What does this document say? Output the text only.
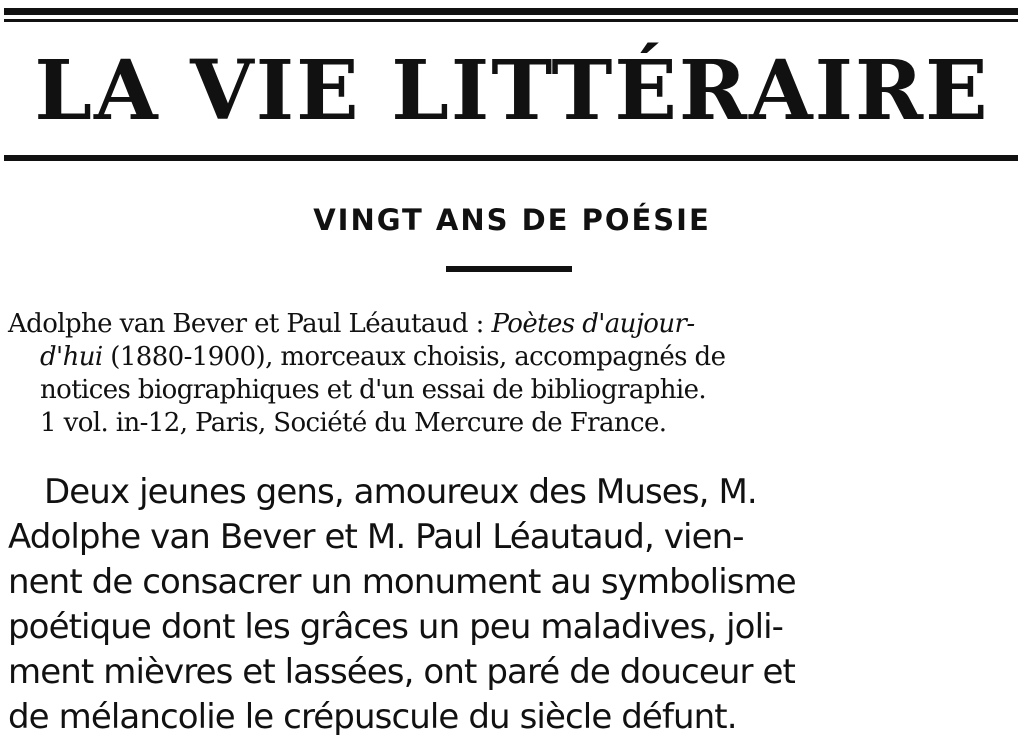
LA VIE LITTÉRAIRE
VINGT ANS DE POÉSIE
Adolphe van Bever et Paul Léautaud : Poètes d'aujour-
d'hui (1880-1900), morceaux choisis, accompagnés de
notices biographiques et d'un essai de bibliographie.
1 vol. in-12, Paris, Société du Mercure de France.
Deux jeunes gens, amoureux des Muses, M.
Adolphe van Bever et M. Paul Léautaud, vien-
nent de consacrer un monument au symbolisme
poétique dont les grâces un peu maladives, joli-
ment mièvres et lassées, ont paré de douceur et
de mélancolie le crépuscule du siècle défunt.
